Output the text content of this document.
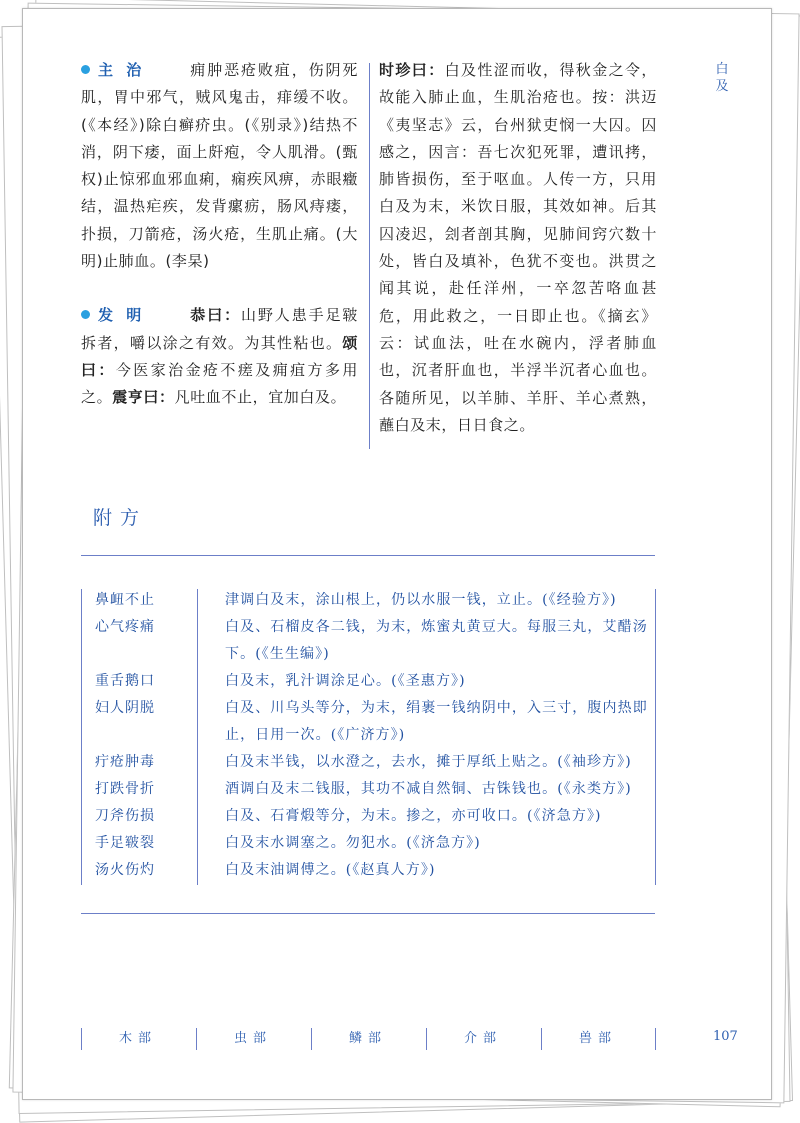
主 治	痈肿恶疮败疽，伤阴死肌，胃中邪气，贼风鬼击，痱缓不收。(《本经》)除白癣疥虫。(《别录》)结热不消，阴下痿，面上皯疱，令人肌滑。(甄权)止惊邪血邪血痢，痫疾风痹，赤眼癥结，温热疟疾，发背瘰疬，肠风痔瘘，扑损，刀箭疮，汤火疮，生肌止痛。(大明)止肺血。(李杲)

发 明	恭曰：山野人患手足皲拆者，嚼以涂之有效。为其性粘也。颂曰：今医家治金疮不瘥及痈疽方多用之。震亨曰：凡吐血不止，宜加白及。

时珍曰：白及性涩而收，得秋金之令，故能入肺止血，生肌治疮也。按：洪迈《夷坚志》云，台州狱吏悯一大囚。囚感之，因言：吾七次犯死罪，遭讯拷，肺皆损伤，至于呕血。人传一方，只用白及为末，米饮日服，其效如神。后其囚凌迟，刽者剖其胸，见肺间窍穴数十处，皆白及填补，色犹不变也。洪贯之闻其说，赴任洋州，一卒忽苦咯血甚危，用此救之，一日即止也。《摘玄》云：试血法，吐在水碗内，浮者肺血也，沉者肝血也，半浮半沉者心血也。各随所见，以羊肺、羊肝、羊心煮熟，蘸白及末，日日食之。

白及
附方
鼻衄不止	津调白及末，涂山根上，仍以水服一钱，立止。(《经验方》)
心气疼痛	白及、石榴皮各二钱，为末，炼蜜丸黄豆大。每服三丸，艾醋汤下。(《生生编》)
重舌鹅口	白及末，乳汁调涂足心。(《圣惠方》)
妇人阴脱	白及、川乌头等分，为末，绢裹一钱纳阴中，入三寸，腹内热即止，日用一次。(《广济方》)
疔疮肿毒	白及末半钱，以水澄之，去水，摊于厚纸上贴之。(《袖珍方》)
打跌骨折	酒调白及末二钱服，其功不减自然铜、古铢钱也。(《永类方》)
刀斧伤损	白及、石膏煅等分，为末。掺之，亦可收口。(《济急方》)
手足皲裂	白及末水调塞之。勿犯水。(《济急方》)
汤火伤灼	白及末油调傅之。(《赵真人方》)
木部	虫部	鳞部	介部	兽部	107
